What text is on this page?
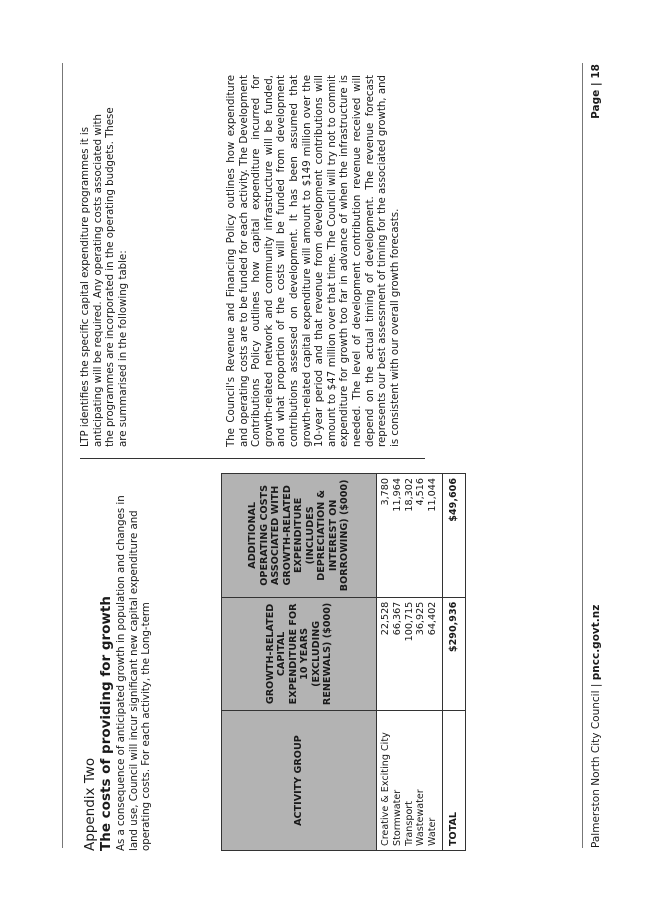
Appendix Two The costs of providing for growth As a consequence of anticipated growth in population and changes in land use, Council will incur significant new capital expenditure and operating costs. For each activity, the Long-term	ACTIVITY GROUP	GROWTH-RELATED CAPITAL EXPENDITURE FOR 10 YEARS (EXCLUDING RENEWALS) ($000)	ADDITIONAL OPERATING COSTS ASSOCIATED WITH GROWTH-RELATED EXPENDITURE (INCLUDES DEPRECIATION & INTEREST ON BORROWING) ($000)
Creative & Exciting City	22,528	3,780
Stormwater	66,367	11,964
Transport	100,715	18,302
Wastewater	36,925	4,516
Water	64,402	11,044
TOTAL	$290,936	$49,606
LTP identifies the specific capital expenditure programmes it is anticipating will be required. Any operating costs associated with the programmes are incorporated in the operating budgets. These are summarised in the following table:	The Council's Revenue and Financing Policy outlines how expenditure and operating costs are to be funded for each activity. The Development Contributions Policy outlines how capital expenditure incurred for growth-related network and community infrastructure will be funded, and what proportion of the costs will be funded from development contributions assessed on development. It has been assumed that growth-related capital expenditure will amount to $149 million over the 10-year period and that revenue from development contributions will amount to $47 million over that time. The Council will try not to commit expenditure for growth too far in advance of when the infrastructure is needed. The level of development contribution revenue received will depend on the actual timing of development. The revenue forecast represents our best assessment of timing for the associated growth, and is consistent with our overall growth forecasts.
Palmerston North City Council | pncc.govt.nz
Page | 18
